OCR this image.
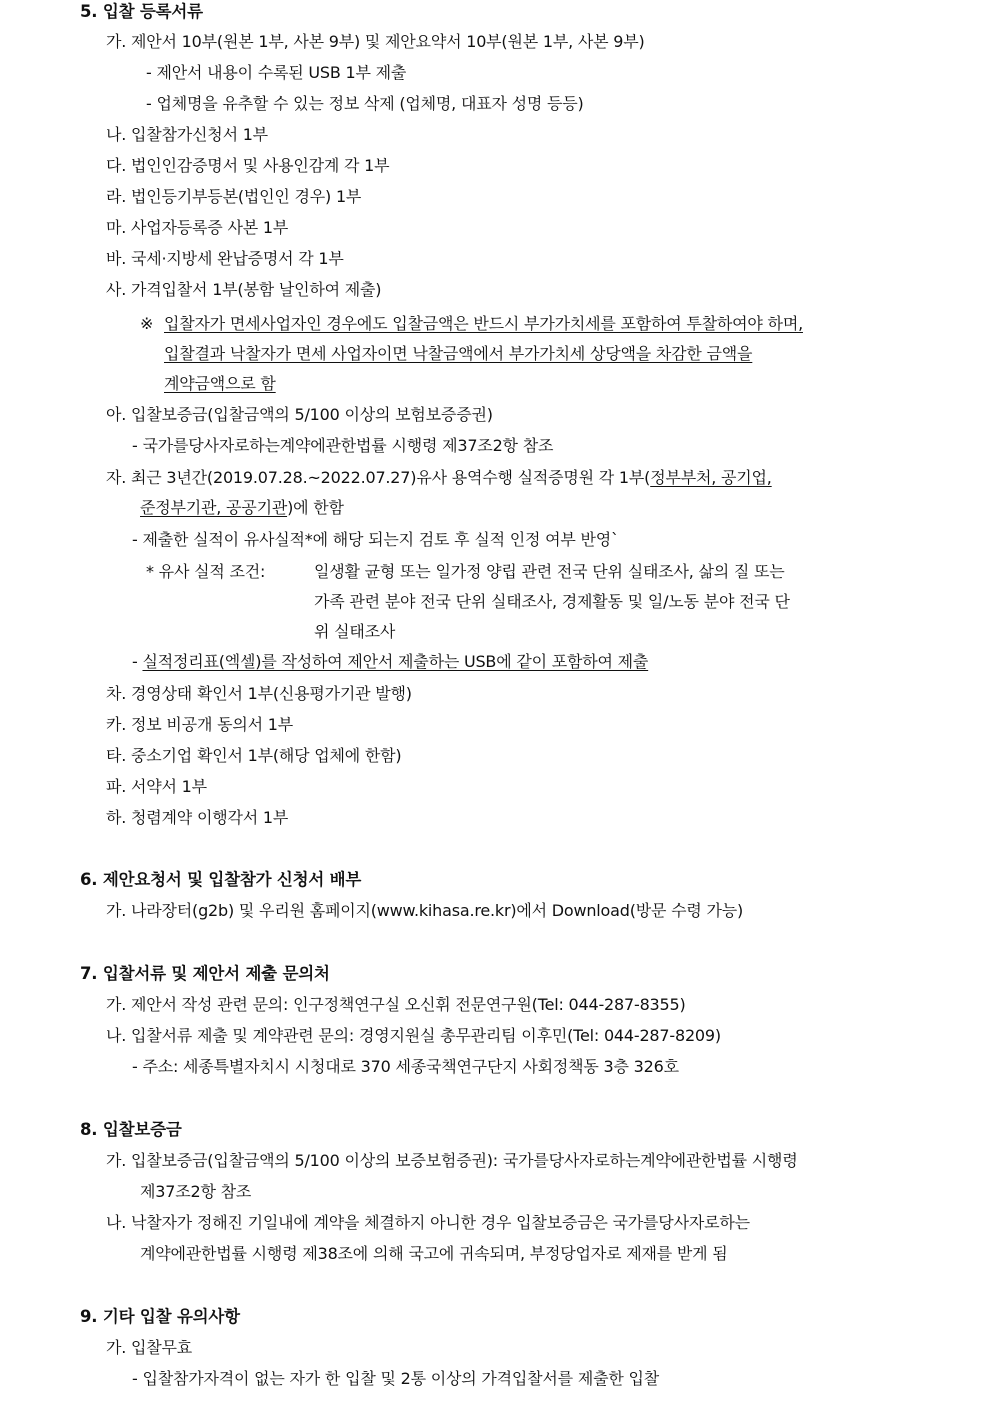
5. 입찰 등록서류
가. 제안서 10부(원본 1부, 사본 9부) 및 제안요약서 10부(원본 1부, 사본 9부)
- 제안서 내용이 수록된 USB 1부 제출
- 업체명을 유추할 수 있는 정보 삭제 (업체명, 대표자 성명 등등)
나. 입찰참가신청서 1부
다. 법인인감증명서 및 사용인감계 각 1부
라. 법인등기부등본(법인인 경우) 1부
마. 사업자등록증 사본 1부
바. 국세·지방세 완납증명서 각 1부
사. 가격입찰서 1부(봉함 날인하여 제출)
※ 입찰자가 면세사업자인 경우에도 입찰금액은 반드시 부가가치세를 포함하여 투찰하여야 하며,
입찰결과 낙찰자가 면세 사업자이면 낙찰금액에서 부가가치세 상당액을 차감한 금액을
계약금액으로 함
아. 입찰보증금(입찰금액의 5/100 이상의 보험보증증권)
- 국가를당사자로하는계약에관한법률 시행령 제37조2항 참조
자. 최근 3년간(2019.07.28.~2022.07.27)유사 용역수행 실적증명원 각 1부(정부부처, 공기업,
준정부기관, 공공기관)에 한함
- 제출한 실적이 유사실적*에 해당 되는지 검토 후 실적 인정 여부 반영`
* 유사 실적 조건:	일생활 균형 또는 일가정 양립 관련 전국 단위 실태조사, 삶의 질 또는
가족 관련 분야 전국 단위 실태조사, 경제활동 및 일/노동 분야 전국 단
위 실태조사
- 실적정리표(엑셀)를 작성하여 제안서 제출하는 USB에 같이 포함하여 제출
차. 경영상태 확인서 1부(신용평가기관 발행)
카. 정보 비공개 동의서 1부
타. 중소기업 확인서 1부(해당 업체에 한함)
파. 서약서 1부
하. 청렴계약 이행각서 1부
6. 제안요청서 및 입찰참가 신청서 배부
가. 나라장터(g2b) 및 우리원 홈페이지(www.kihasa.re.kr)에서 Download(방문 수령 가능)
7. 입찰서류 및 제안서 제출 문의처
가. 제안서 작성 관련 문의: 인구정책연구실 오신휘 전문연구원(Tel: 044-287-8355)
나. 입찰서류 제출 및 계약관련 문의: 경영지원실 총무관리팀 이후민(Tel: 044-287-8209)
- 주소: 세종특별자치시 시청대로 370 세종국책연구단지 사회정책동 3층 326호
8. 입찰보증금
가. 입찰보증금(입찰금액의 5/100 이상의 보증보험증권): 국가를당사자로하는계약에관한법률 시행령
제37조2항 참조
나. 낙찰자가 정해진 기일내에 계약을 체결하지 아니한 경우 입찰보증금은 국가를당사자로하는
계약에관한법률 시행령 제38조에 의해 국고에 귀속되며, 부정당업자로 제재를 받게 됨
9. 기타 입찰 유의사항
가. 입찰무효
- 입찰참가자격이 없는 자가 한 입찰 및 2통 이상의 가격입찰서를 제출한 입찰
